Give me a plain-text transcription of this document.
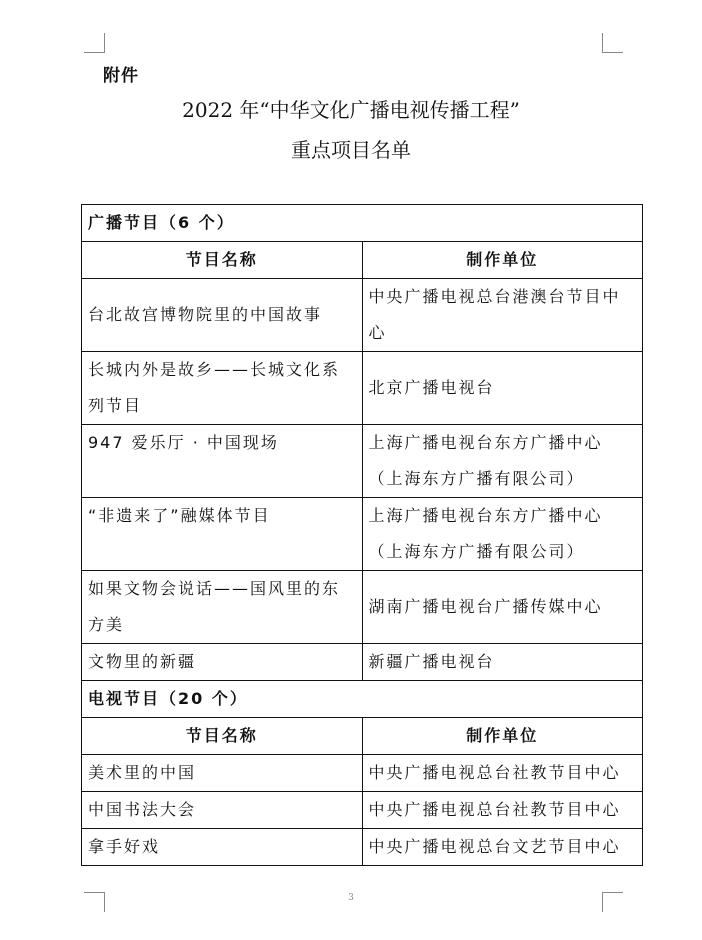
附件
2022 年“中华文化广播电视传播工程”
重点项目名单
广播节目（6 个）	
节目名称	制作单位
台北故宫博物院里的中国故事	中央广播电视总台港澳台节目中心
长城内外是故乡——长城文化系列节目	北京广播电视台
947 爱乐厅 · 中国现场	上海广播电视台东方广播中心（上海东方广播有限公司）
“非遗来了”融媒体节目	上海广播电视台东方广播中心（上海东方广播有限公司）
如果文物会说话——国风里的东方美	湖南广播电视台广播传媒中心
文物里的新疆	新疆广播电视台
电视节目（20 个）	
节目名称	制作单位
美术里的中国	中央广播电视总台社教节目中心
中国书法大会	中央广播电视总台社教节目中心
拿手好戏	中央广播电视总台文艺节目中心
3
